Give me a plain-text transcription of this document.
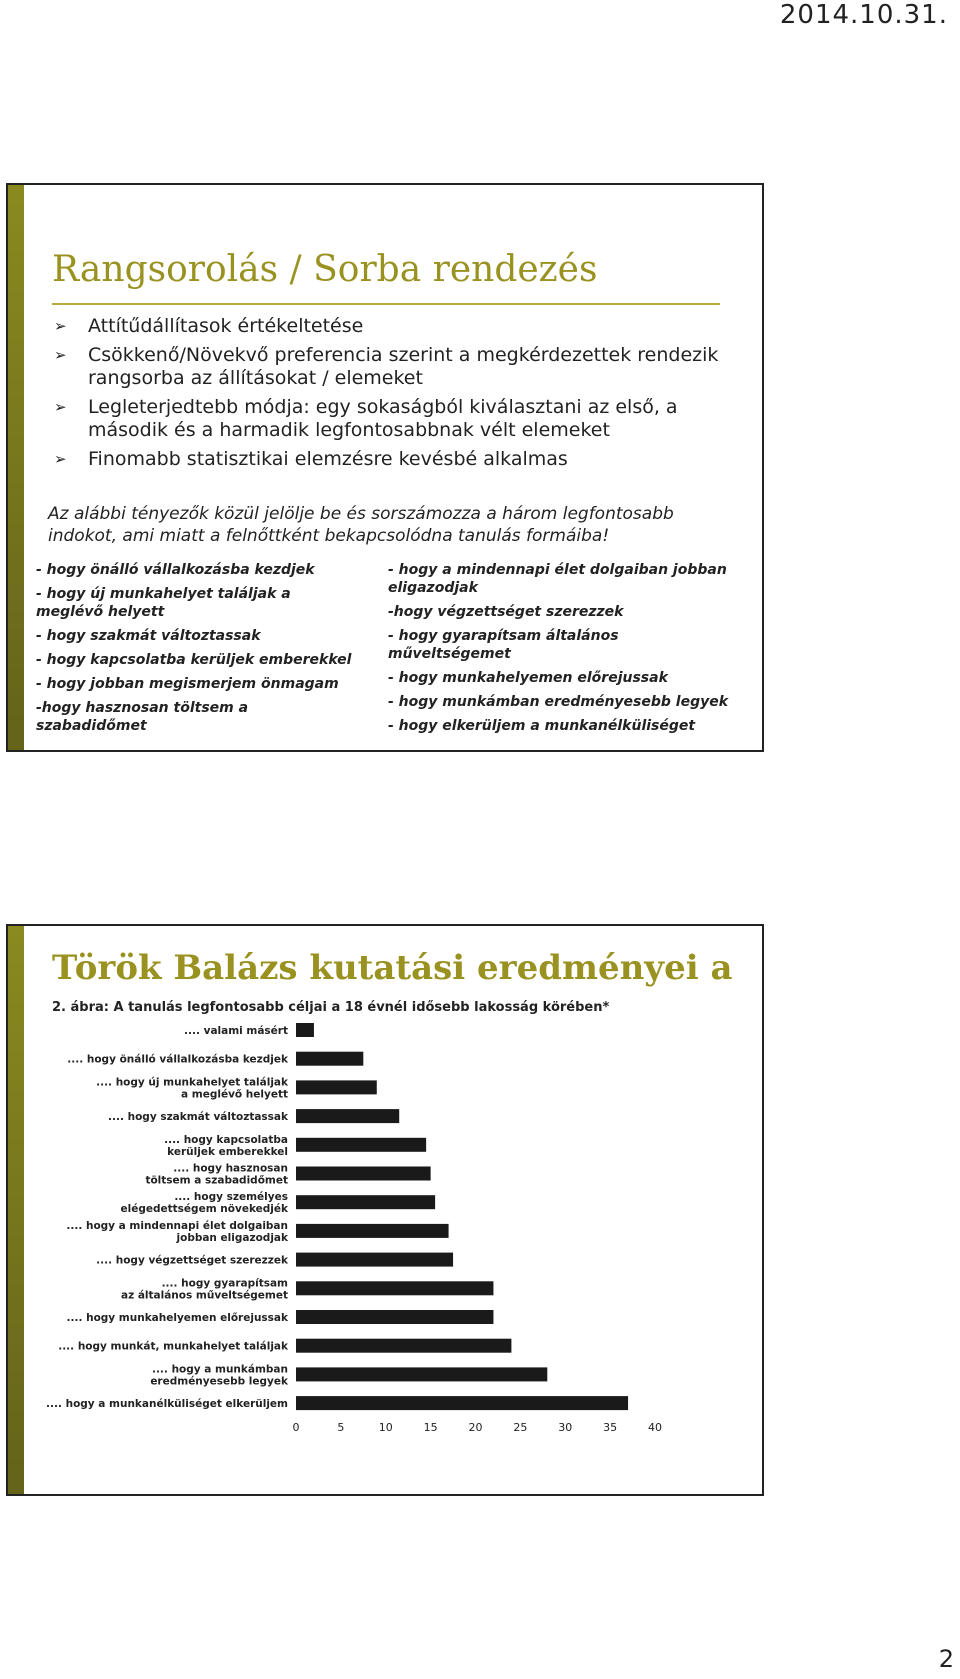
2014.10.31.
Rangsorolás / Sorba rendezés
➢ Attítűdállítasok értékeltetése
➢ Csökkenő/Növekvő preferencia szerint a megkérdezettek rendezik rangsorba az állításokat / elemeket
➢ Legleterjedtebb módja: egy sokaságból kiválasztani az első, a második és a harmadik legfontosabbnak vélt elemeket
➢ Finomabb statisztikai elemzésre kevésbé alkalmas
Az alábbi tényezők közül jelölje be és sorszámozza a három legfontosabb indokot, ami miatt a felnőttként bekapcsolódna tanulás formáiba!
- hogy önálló vállalkozásba kezdjek
- hogy új munkahelyet találjak a meglévő helyett
- hogy szakmát változtassak
- hogy kapcsolatba kerüljek emberekkel
- hogy jobban megismerjem önmagam
-hogy hasznosan töltsem a szabadidőmet
- hogy a mindennapi élet dolgaiban jobban eligazodjak
-hogy végzettséget szerezzek
- hogy gyarapítsam általános műveltségemet
- hogy munkahelyemen előrejussak
- hogy munkámban eredményesebb legyek
- hogy elkerüljem a munkanélküliséget
Török Balázs kutatási eredményei a
2. ábra: A tanulás legfontosabb céljai a 18 évnél idősebb lakosság körében*
.... valami másért
.... hogy önálló vállalkozásba kezdjek
.... hogy új munkahelyet találjak
a meglévő helyett
.... hogy szakmát változtassak
.... hogy kapcsolatba
kerüljek emberekkel
.... hogy hasznosan
töltsem a szabadidőmet
.... hogy személyes
elégedettségem növekedjék
.... hogy a mindennapi élet dolgaiban
jobban eligazodjak
.... hogy végzettséget szerezzek
.... hogy gyarapítsam
az általános műveltségemet
.... hogy munkahelyemen előrejussak
.... hogy munkát, munkahelyet találjak
.... hogy a munkámban
eredményesebb legyek
.... hogy a munkanélküliséget elkerüljem
0	5	10	15	20	25	30	35	40
2
